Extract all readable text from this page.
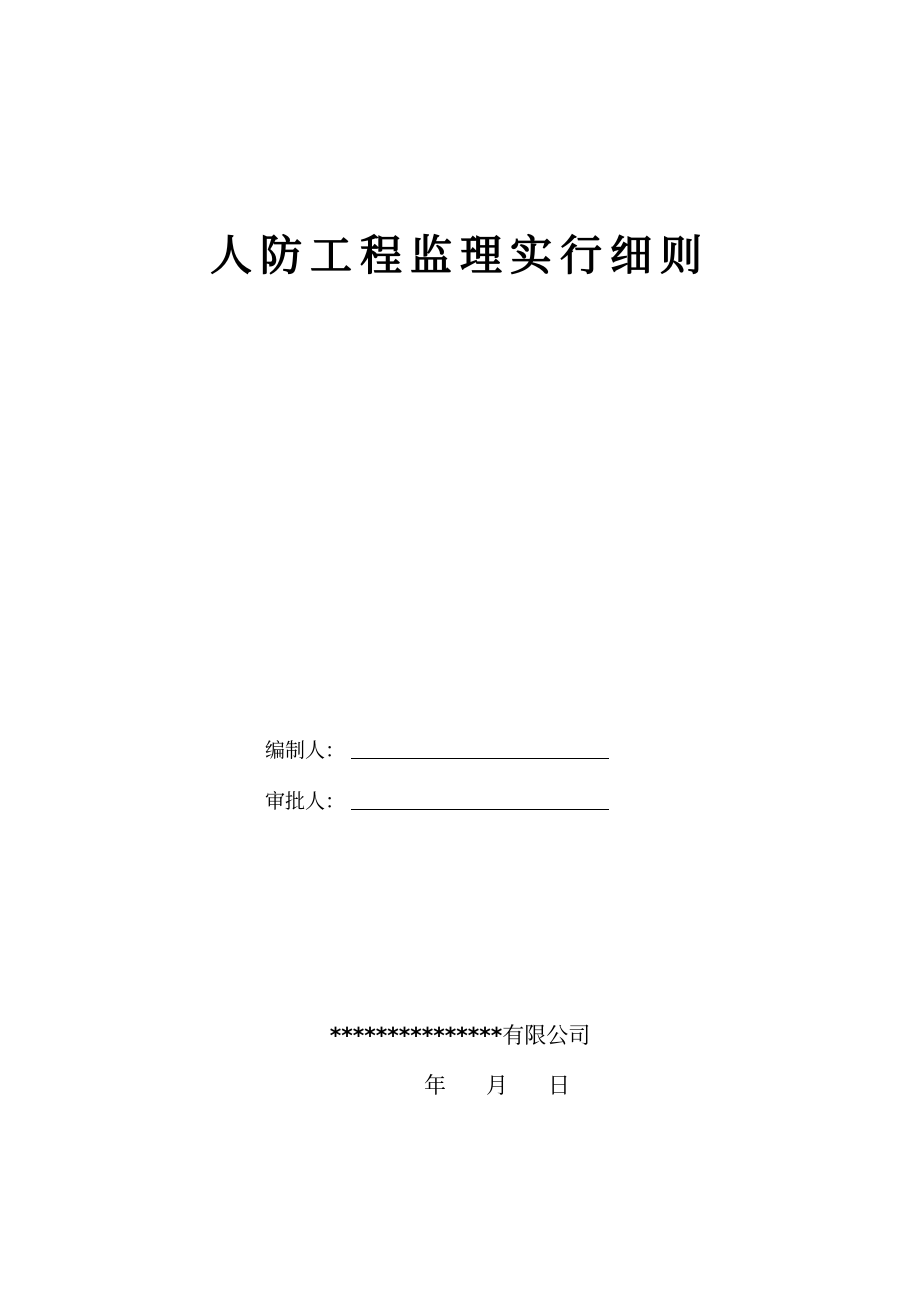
人防工程监理实行细则
编制人：
审批人：
***************有限公司
年 月 日
